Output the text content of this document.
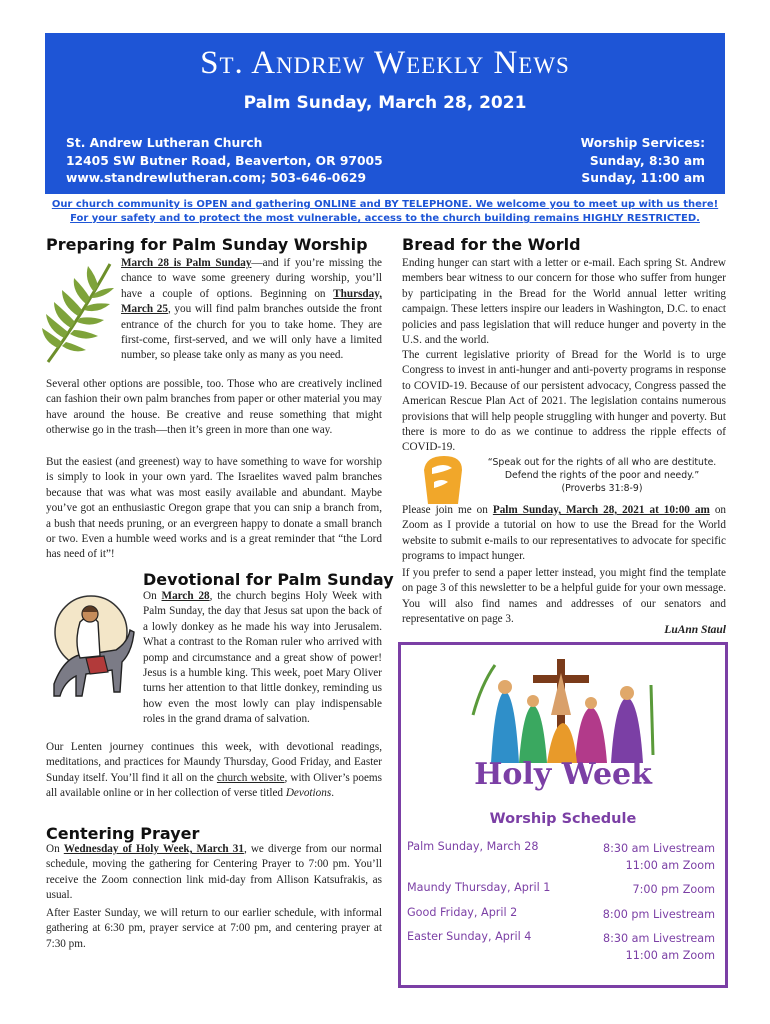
St. Andrew Weekly News
Palm Sunday, March 28, 2021
St. Andrew Lutheran Church
12405 SW Butner Road, Beaverton, OR 97005
www.standrewlutheran.com; 503-646-0629
Worship Services:
Sunday, 8:30 am
Sunday, 11:00 am
Our church community is OPEN and gathering ONLINE and BY TELEPHONE. We welcome you to meet up with us there!
For your safety and to protect the most vulnerable, access to the church building remains HIGHLY RESTRICTED.
Preparing for Palm Sunday Worship
March 28 is Palm Sunday—and if you’re missing the chance to wave some greenery during worship, you’ll have a couple of options. Beginning on Thursday, March 25, you will find palm branches outside the front entrance of the church for you to take home. They are first-come, first-served, and we will only have a limited number, so please take only as many as you need.
Several other options are possible, too. Those who are creatively inclined can fashion their own palm branches from paper or other material you may have around the house. Be creative and reuse something that might otherwise go in the trash—then it’s green in more than one way.
But the easiest (and greenest) way to have something to wave for worship is simply to look in your own yard. The Israelites waved palm branches because that was what was most easily available and abundant. Maybe you’ve got an enthusiastic Oregon grape that you can snip a branch from, a bush that needs pruning, or an evergreen happy to donate a small branch or two. Even a humble weed works and is a great reminder that “the Lord has need of it”!
Devotional for Palm Sunday
On March 28, the church begins Holy Week with Palm Sunday, the day that Jesus sat upon the back of a lowly donkey as he made his way into Jerusalem. What a contrast to the Roman ruler who arrived with pomp and circumstance and a great show of power! Jesus is a humble king. This week, poet Mary Oliver turns her attention to that little donkey, reminding us how even the most lowly can play indispensable roles in the grand drama of salvation.
Our Lenten journey continues this week, with devotional readings, meditations, and practices for Maundy Thursday, Good Friday, and Easter Sunday itself. You’ll find it all on the church website, with Oliver’s poems all available online or in her collection of verse titled Devotions.
Centering Prayer
On Wednesday of Holy Week, March 31, we diverge from our normal schedule, moving the gathering for Centering Prayer to 7:00 pm. You’ll receive the Zoom connection link mid-day from Allison Katsufrakis, as usual.
After Easter Sunday, we will return to our earlier schedule, with informal gathering at 6:30 pm, prayer service at 7:00 pm, and centering prayer at 7:30 pm.
Bread for the World
Ending hunger can start with a letter or e-mail. Each spring St. Andrew members bear witness to our concern for those who suffer from hunger by participating in the Bread for the World annual letter writing campaign. These letters inspire our leaders in Washington, D.C. to enact policies and pass legislation that will reduce hunger and poverty in the U.S. and the world.
The current legislative priority of Bread for the World is to urge Congress to invest in anti-hunger and anti-poverty programs in response to COVID-19. Because of our persistent advocacy, Congress passed the American Rescue Plan Act of 2021. The legislation contains numerous provisions that will help people struggling with hunger and poverty. But there is more to do as we continue to address the ripple effects of COVID-19.
“Speak out for the rights of all who are destitute.
Defend the rights of the poor and needy.”
(Proverbs 31:8-9)
Please join me on Palm Sunday, March 28, 2021 at 10:00 am on Zoom as I provide a tutorial on how to use the Bread for the World website to submit e-mails to our representatives to advocate for specific programs to impact hunger.
If you prefer to send a paper letter instead, you might find the template on page 3 of this newsletter to be a helpful guide for your own message. You will also find names and addresses of our senators and representative on page 3.
LuAnn Staul
Holy Week
Worship Schedule
Palm Sunday, March 28	8:30 am Livestream
11:00 am Zoom
Maundy Thursday, April 1	7:00 pm Zoom
Good Friday, April 2	8:00 pm Livestream
Easter Sunday, April 4	8:30 am Livestream
11:00 am Zoom
